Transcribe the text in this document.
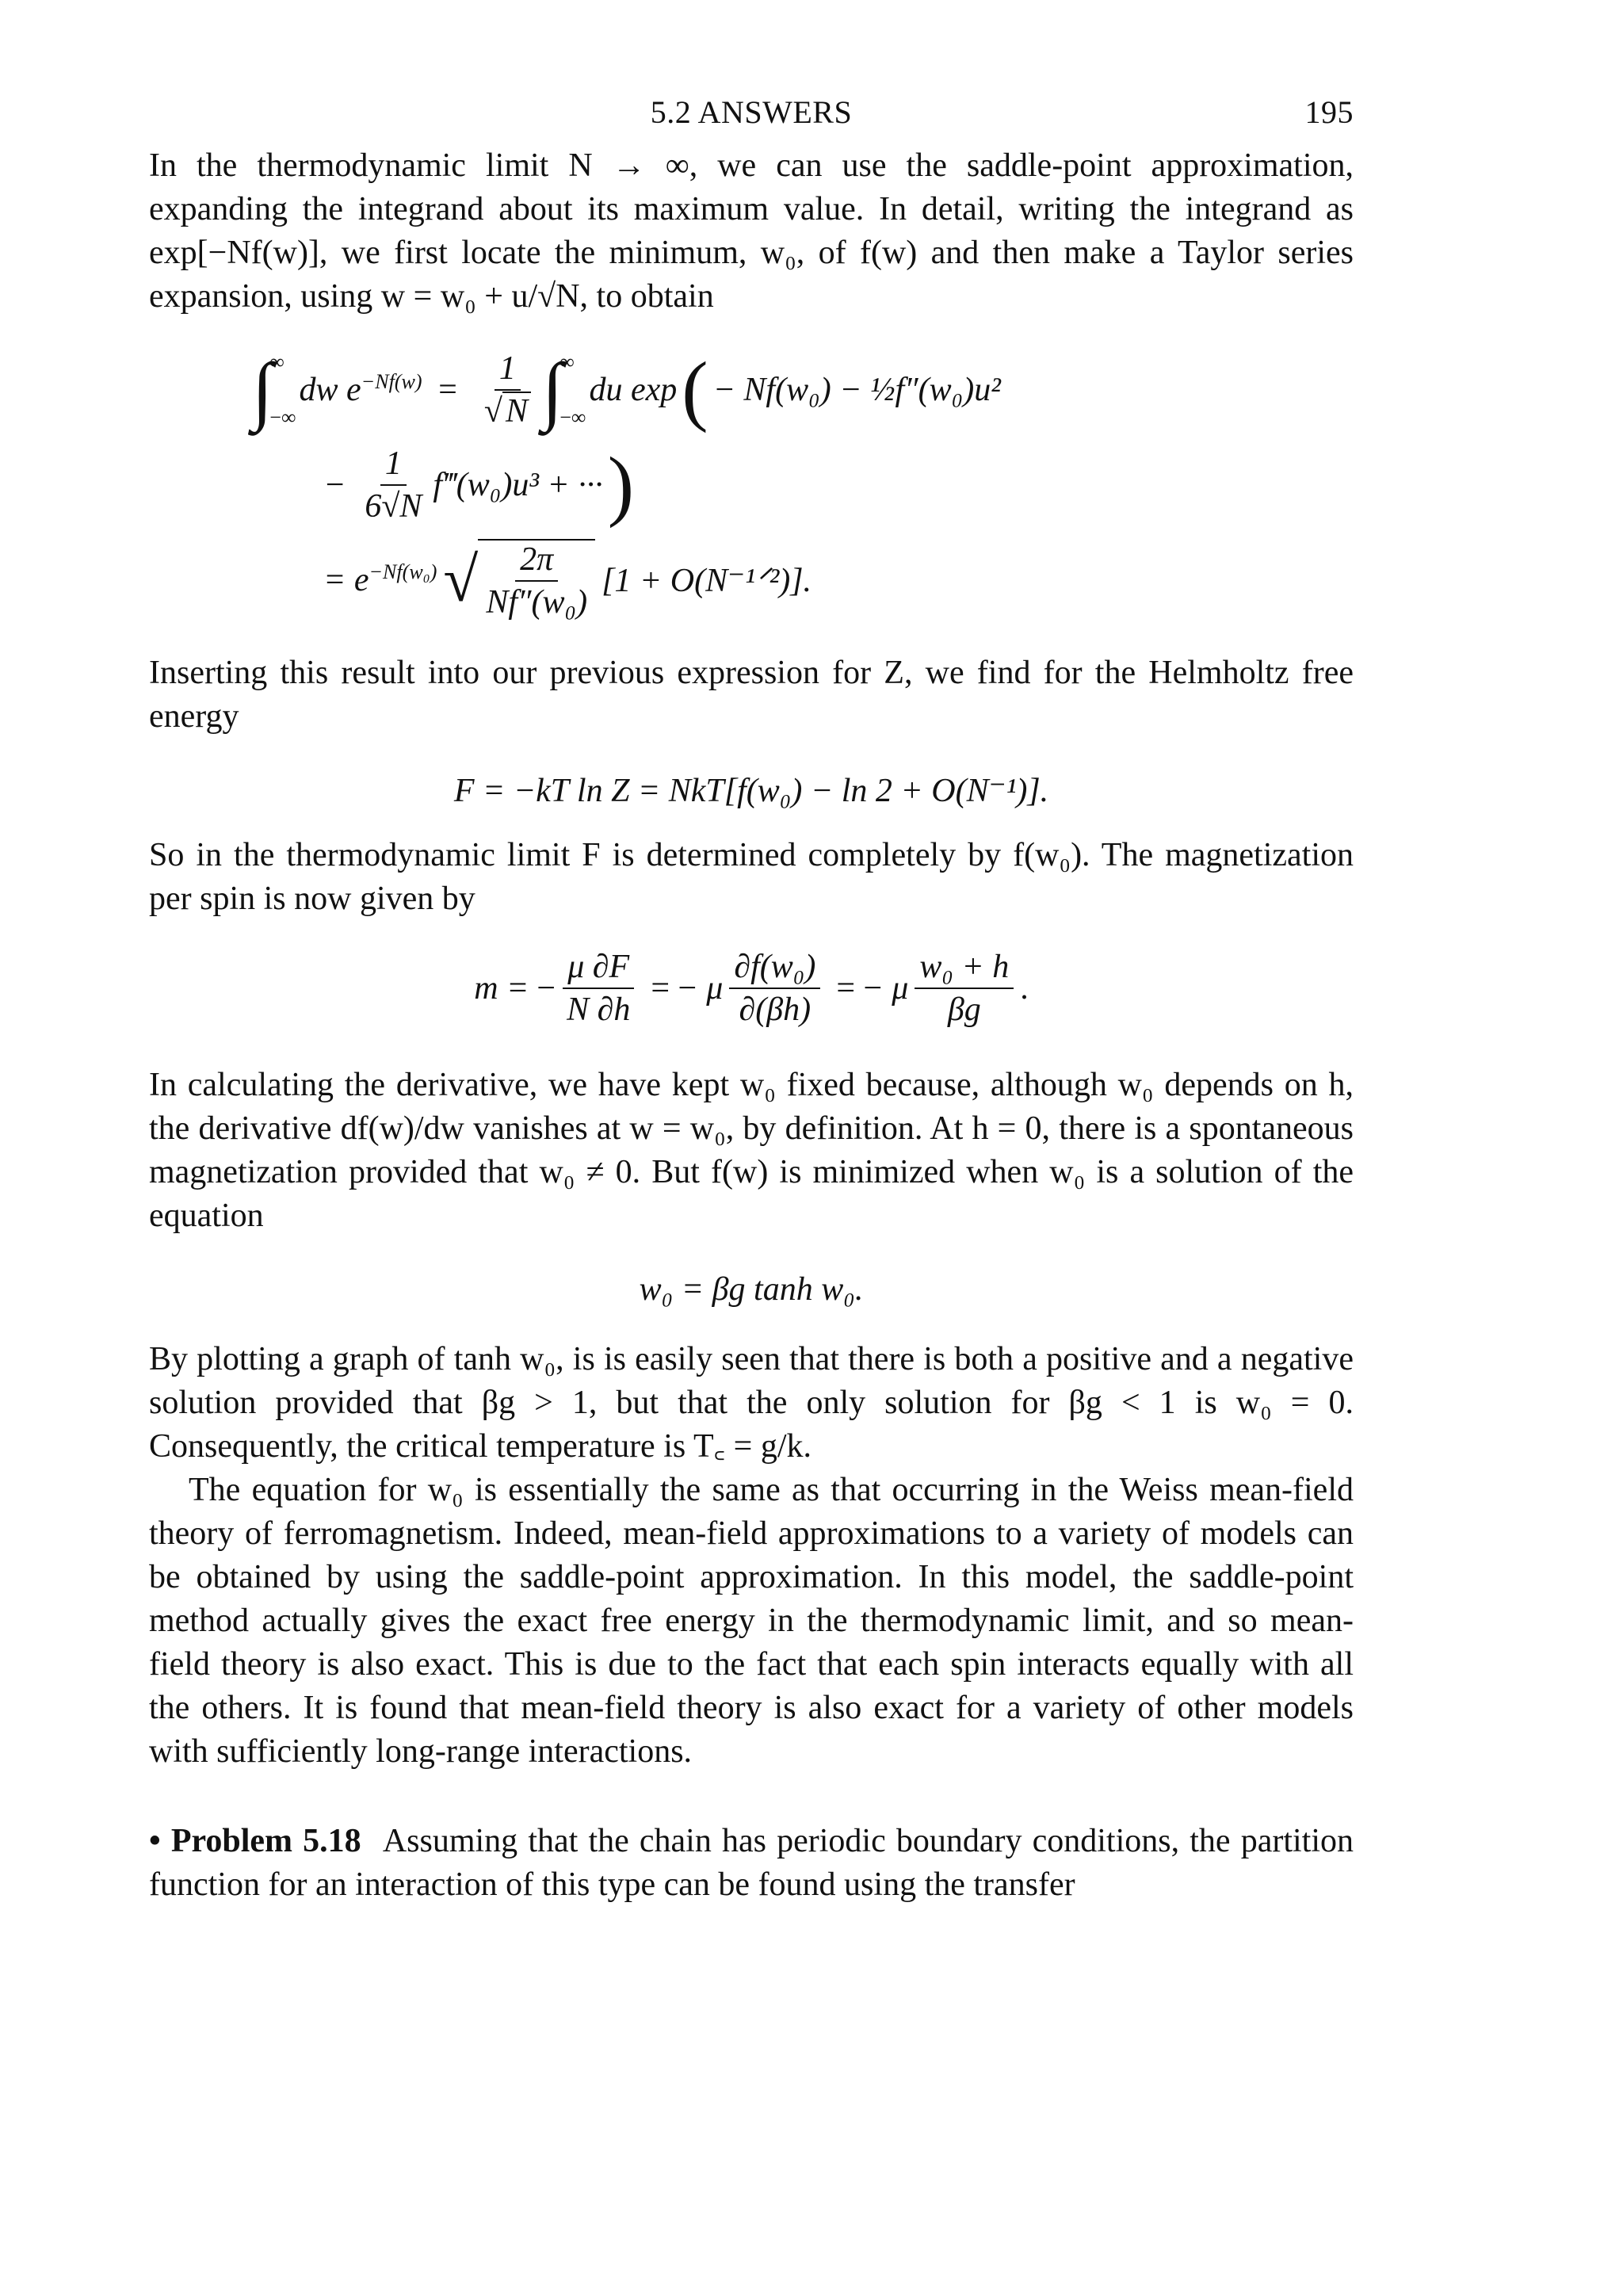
5.2 ANSWERS	195

In the thermodynamic limit N → ∞, we can use the saddle-point approximation, expanding the integrand about its maximum value. In detail, writing the integrand as exp[−Nf(w)], we first locate the minimum, w₀, of f(w) and then make a Taylor series expansion, using w = w₀ + u/√N, to obtain

∫
∞
−∞
dw $e^{-Nf(w)} = \frac{1}{√N}$ ∫
∞
−∞
du exp ( − Nf(w₀) − ½f″(w₀)u²
− $\frac{1}{6√N}$ f‴(w₀)u³ + ··· )
= $e^{-Nf(w_0)}$ √ $\frac{2\pi}{\text{Nf″(w₀)}} [1$ + O(N⁻¹ᐟ²)].

Inserting this result into our previous expression for Z, we find for the Helmholtz free energy

F = −kT ln Z = NkT[f(w₀) − ln 2 + O(N⁻¹)].

So in the thermodynamic limit F is determined completely by f(w₀). The magnetization per spin is now given by

m = − $\frac{\mu \partial F}{N \partial h}$ = − μ $\frac{\text{∂f(w₀)}}{\partial(\beta h)}$ = − μ $\frac{\text{w₀ + h}}{\beta g}$ .

In calculating the derivative, we have kept w₀ fixed because, although w₀ depends on h, the derivative df(w)/dw vanishes at w = w₀, by definition. At h = 0, there is a spontaneous magnetization provided that w₀ ≠ 0. But f(w) is minimized when w₀ is a solution of the equation

w₀ = βg tanh w₀.

By plotting a graph of tanh w₀, is is easily seen that there is both a positive and a negative solution provided that βg > 1, but that the only solution for βg < 1 is w₀ = 0. Consequently, the critical temperature is T꜀ = g/k.

The equation for w₀ is essentially the same as that occurring in the Weiss mean-field theory of ferromagnetism. Indeed, mean-field approximations to a variety of models can be obtained by using the saddle-point approximation. In this model, the saddle-point method actually gives the exact free energy in the thermodynamic limit, and so mean-field theory is also exact. This is due to the fact that each spin interacts equally with all the others. It is found that mean-field theory is also exact for a variety of other models with sufficiently long-range interactions.

• Problem 5.18 Assuming that the chain has periodic boundary conditions, the partition function for an interaction of this type can be found using the transfer
